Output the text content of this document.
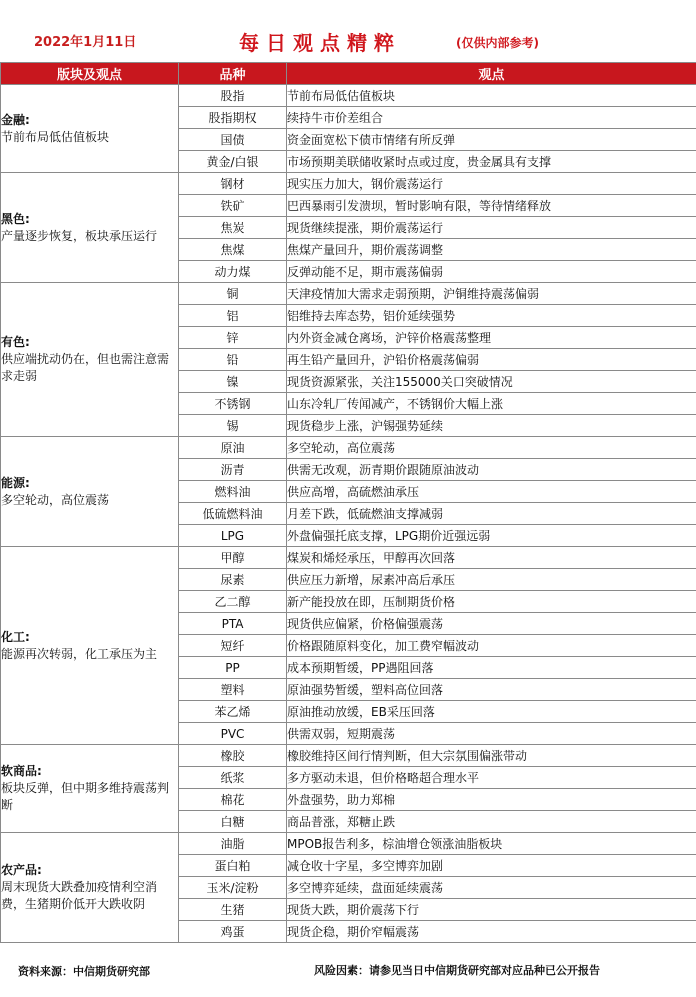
2022年1月11日	每日观点精粹	(仅供内部参考)
版块及观点	品种	观点

金融:
节前布局低估值板块	股指	节前布局低估值板块
	股指期权	续持牛市价差组合
	国债	资金面宽松下债市情绪有所反弹
	黄金/白银	市场预期美联储收紧时点或过度，贵金属具有支撑

黑色:
产量逐步恢复，板块承压运行	钢材	现实压力加大，钢价震荡运行
	铁矿	巴西暴雨引发溃坝，暂时影响有限，等待情绪释放
	焦炭	现货继续提涨，期价震荡运行
	焦煤	焦煤产量回升，期价震荡调整
	动力煤	反弹动能不足，期市震荡偏弱

有色:
供应端扰动仍在，但也需注意需求走弱	铜	天津疫情加大需求走弱预期，沪铜维持震荡偏弱
	铝	铝维持去库态势，铝价延续强势
	锌	内外资金减仓离场，沪锌价格震荡整理
	铅	再生铅产量回升，沪铅价格震荡偏弱
	镍	现货资源紧张，关注155000关口突破情况
	不锈钢	山东冷轧厂传闻减产，不锈钢价大幅上涨
	锡	现货稳步上涨，沪锡强势延续

能源:
多空轮动，高位震荡	原油	多空轮动，高位震荡
	沥青	供需无改观，沥青期价跟随原油波动
	燃料油	供应高增，高硫燃油承压
	低硫燃料油	月差下跌，低硫燃油支撑减弱
	LPG	外盘偏强托底支撑，LPG期价近强远弱

化工:
能源再次转弱，化工承压为主	甲醇	煤炭和烯烃承压，甲醇再次回落
	尿素	供应压力新增，尿素冲高后承压
	乙二醇	新产能投放在即，压制期货价格
	PTA	现货供应偏紧，价格偏强震荡
	短纤	价格跟随原料变化，加工费窄幅波动
	PP	成本预期暂缓，PP遇阻回落
	塑料	原油强势暂缓，塑料高位回落
	苯乙烯	原油推动放缓，EB采压回落
	PVC	供需双弱，短期震荡

软商品:
板块反弹，但中期多维持震荡判断	橡胶	橡胶维持区间行情判断，但大宗氛围偏涨带动
	纸浆	多方驱动未退，但价格略超合理水平
	棉花	外盘强势，助力郑棉
	白糖	商品普涨，郑糖止跌

农产品:
周末现货大跌叠加疫情利空消费，生猪期价低开大跌收阴	油脂	MPOB报告利多，棕油增仓领涨油脂板块
	蛋白粕	减仓收十字星，多空博弈加剧
	玉米/淀粉	多空博弈延续，盘面延续震荡
	生猪	现货大跌，期价震荡下行
	鸡蛋	现货企稳，期价窄幅震荡
资料来源：中信期货研究部	风险因素：请参见当日中信期货研究部对应品种已公开报告
